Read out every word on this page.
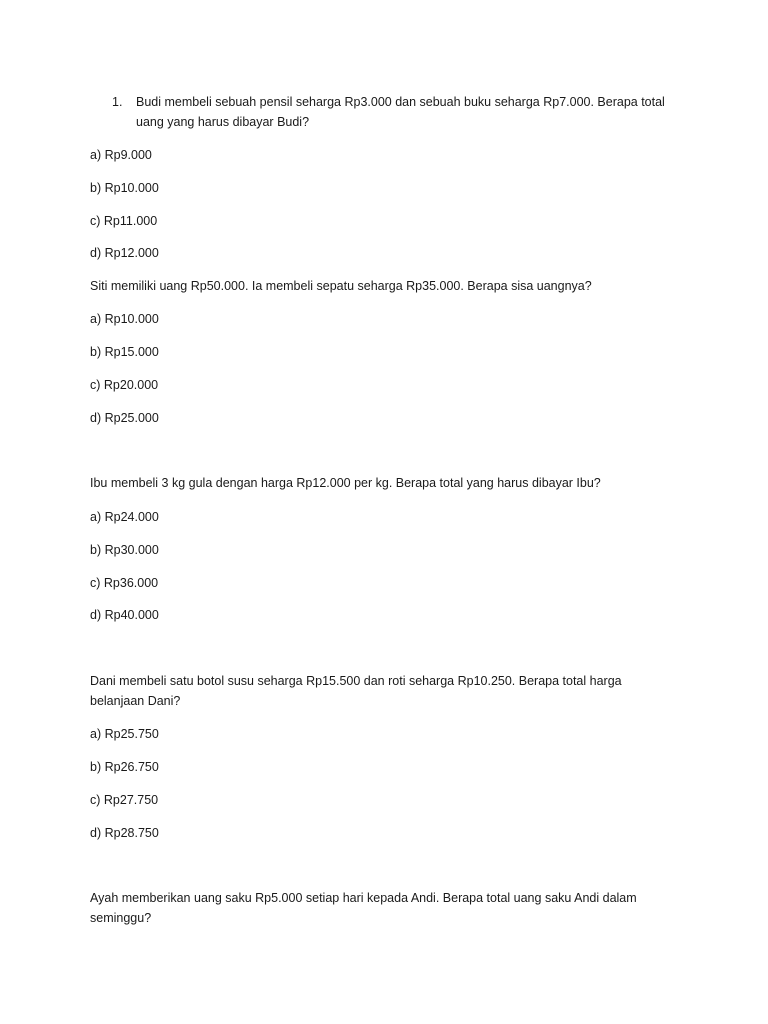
1. Budi membeli sebuah pensil seharga Rp3.000 dan sebuah buku seharga Rp7.000. Berapa total uang yang harus dibayar Budi?
a) Rp9.000
b) Rp10.000
c) Rp11.000
d) Rp12.000
Siti memiliki uang Rp50.000. Ia membeli sepatu seharga Rp35.000. Berapa sisa uangnya?
a) Rp10.000
b) Rp15.000
c) Rp20.000
d) Rp25.000
Ibu membeli 3 kg gula dengan harga Rp12.000 per kg. Berapa total yang harus dibayar Ibu?
a) Rp24.000
b) Rp30.000
c) Rp36.000
d) Rp40.000
Dani membeli satu botol susu seharga Rp15.500 dan roti seharga Rp10.250. Berapa total harga belanjaan Dani?
a) Rp25.750
b) Rp26.750
c) Rp27.750
d) Rp28.750
Ayah memberikan uang saku Rp5.000 setiap hari kepada Andi. Berapa total uang saku Andi dalam seminggu?
